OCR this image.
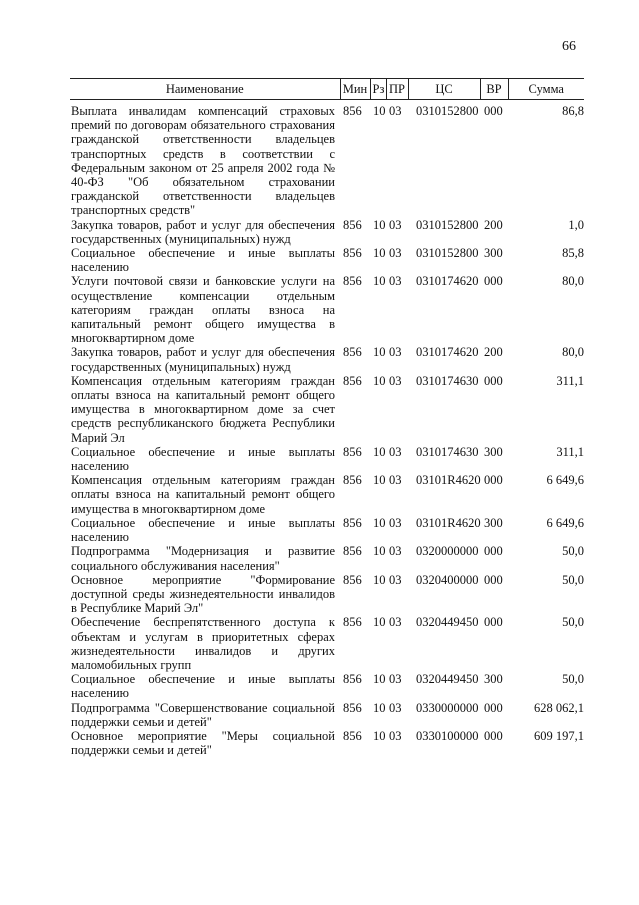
66
Наименование	Мин	Рз	ПР	ЦС	ВР	Сумма
Выплата инвалидам компенсаций страховых премий по договорам обязательного страхования гражданской ответственности владельцев транспортных средств в соответствии с Федеральным законом от 25 апреля 2002 года № 40-ФЗ "Об обязательном страховании гражданской ответственности владельцев транспортных средств"	856	10	03	0310152800	000	86,8
Закупка товаров, работ и услуг для обеспечения государственных (муниципальных) нужд	856	10	03	0310152800	200	1,0
Социальное обеспечение и иные выплаты населению	856	10	03	0310152800	300	85,8
Услуги почтовой связи и банковские услуги на осуществление компенсации отдельным категориям граждан оплаты взноса на капитальный ремонт общего имущества в многоквартирном доме	856	10	03	0310174620	000	80,0
Закупка товаров, работ и услуг для обеспечения государственных (муниципальных) нужд	856	10	03	0310174620	200	80,0
Компенсация отдельным категориям граждан оплаты взноса на капитальный ремонт общего имущества в многоквартирном доме за счет средств республиканского бюджета Республики Марий Эл	856	10	03	0310174630	000	311,1
Социальное обеспечение и иные выплаты населению	856	10	03	0310174630	300	311,1
Компенсация отдельным категориям граждан оплаты взноса на капитальный ремонт общего имущества в многоквартирном доме	856	10	03	03101R4620	000	6 649,6
Социальное обеспечение и иные выплаты населению	856	10	03	03101R4620	300	6 649,6
Подпрограмма "Модернизация и развитие социального обслуживания населения"	856	10	03	0320000000	000	50,0
Основное мероприятие "Формирование доступной среды жизнедеятельности инвалидов в Республике Марий Эл"	856	10	03	0320400000	000	50,0
Обеспечение беспрепятственного доступа к объектам и услугам в приоритетных сферах жизнедеятельности инвалидов и других маломобильных групп	856	10	03	0320449450	000	50,0
Социальное обеспечение и иные выплаты населению	856	10	03	0320449450	300	50,0
Подпрограмма "Совершенствование социальной поддержки семьи и детей"	856	10	03	0330000000	000	628 062,1
Основное мероприятие "Меры социальной поддержки семьи и детей"	856	10	03	0330100000	000	609 197,1
